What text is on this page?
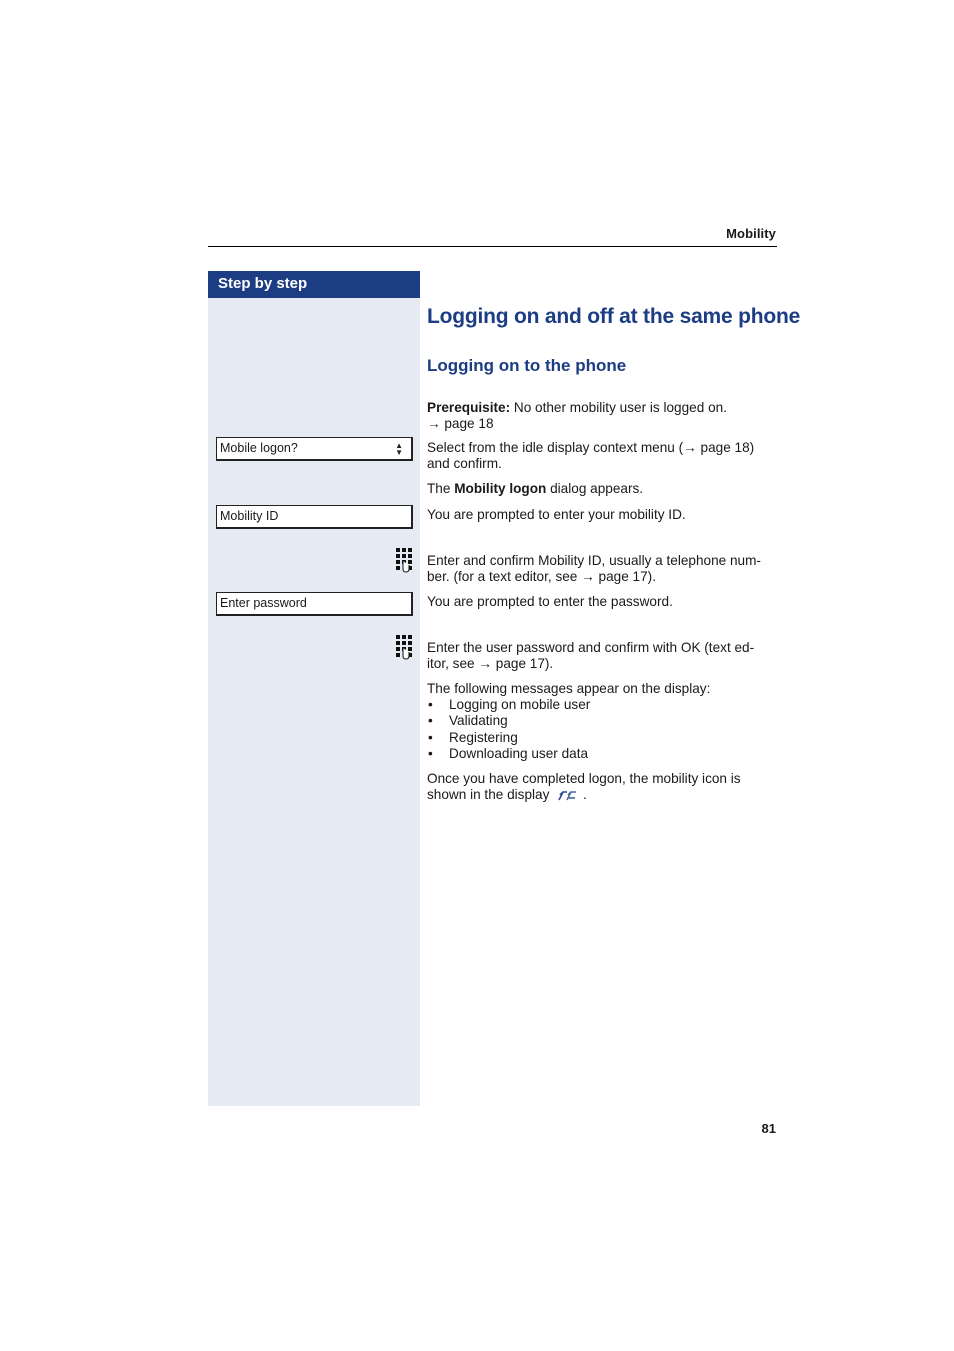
Mobility
Step by step
Mobile logon?	▲
▼
Mobility ID
Enter password
Logging on and off at the same phone
Logging on to the phone
Prerequisite: No other mobility user is logged on.
→ page 18
Select from the idle display context menu (→ page 18)
and confirm.
The Mobility logon dialog appears.
You are prompted to enter your mobility ID.
Enter and confirm Mobility ID, usually a telephone num-
ber. (for a text editor, see → page 17).
You are prompted to enter the password.
Enter the user password and confirm with OK (text ed-
itor, see → page 17).
The following messages appear on the display:
• Logging on mobile user
• Validating
• Registering
• Downloading user data
Once you have completed logon, the mobility icon is
shown in the display  .
81
